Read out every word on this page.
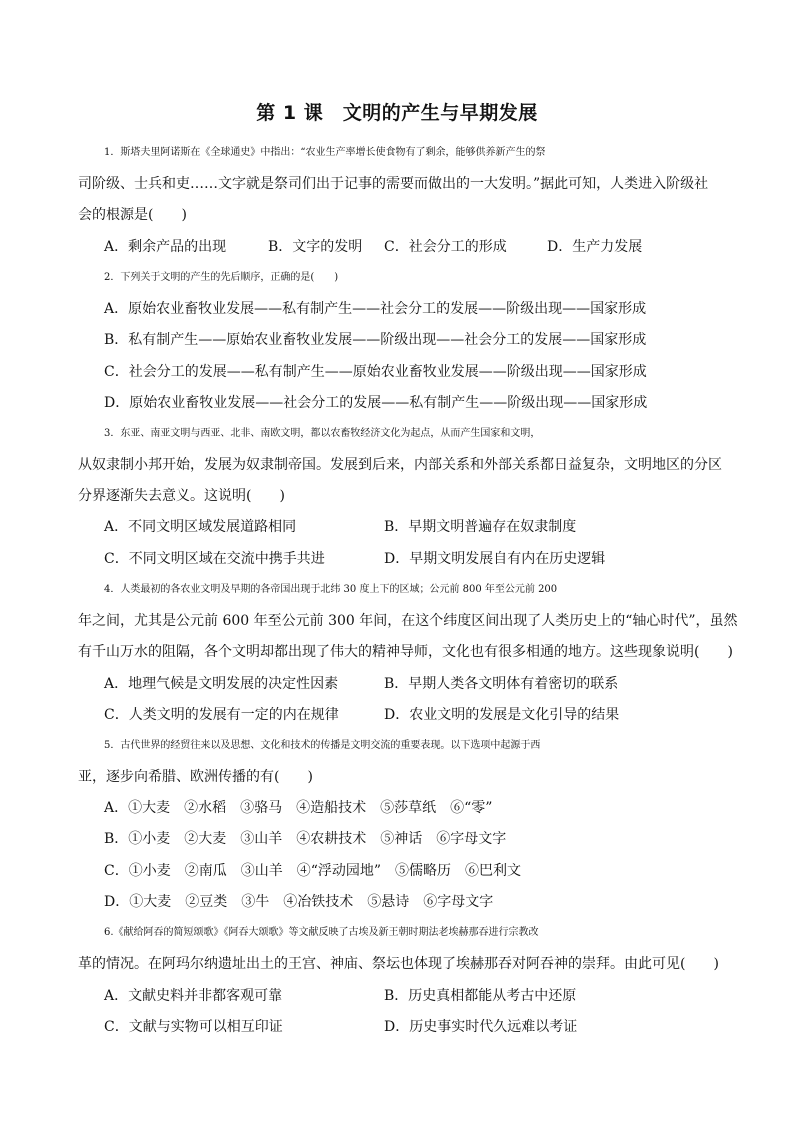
第 1 课　文明的产生与早期发展
1．斯塔夫里阿诺斯在《全球通史》中指出：“农业生产率增长使食物有了剩余，能够供养新产生的祭
司阶级、士兵和吏……文字就是祭司们出于记事的需要而做出的一大发明。”据此可知，人类进入阶级社
会的根源是(　　)
A．剩余产品的出现	B．文字的发明 C．社会分工的形成	D．生产力发展
2．下列关于文明的产生的先后顺序，正确的是(　　)
A．原始农业畜牧业发展——私有制产生——社会分工的发展——阶级出现——国家形成
B．私有制产生——原始农业畜牧业发展——阶级出现——社会分工的发展——国家形成
C．社会分工的发展——私有制产生——原始农业畜牧业发展——阶级出现——国家形成
D．原始农业畜牧业发展——社会分工的发展——私有制产生——阶级出现——国家形成
3．东亚、南亚文明与西亚、北非、南欧文明，都以农畜牧经济文化为起点，从而产生国家和文明，
从奴隶制小邦开始，发展为奴隶制帝国。发展到后来，内部关系和外部关系都日益复杂，文明地区的分区
分界逐渐失去意义。这说明(　　)
A．不同文明区域发展道路相同	B．早期文明普遍存在奴隶制度
C．不同文明区域在交流中携手共进	D．早期文明发展自有内在历史逻辑
4．人类最初的各农业文明及早期的各帝国出现于北纬 30 度上下的区域；公元前 800 年至公元前 200
年之间，尤其是公元前 600 年至公元前 300 年间，在这个纬度区间出现了人类历史上的“轴心时代”，虽然
有千山万水的阻隔，各个文明却都出现了伟大的精神导师，文化也有很多相通的地方。这些现象说明(　　)
A．地理气候是文明发展的决定性因素	B．早期人类各文明体有着密切的联系
C．人类文明的发展有一定的内在规律	D．农业文明的发展是文化引导的结果
5．古代世界的经贸往来以及思想、文化和技术的传播是文明交流的重要表现。以下选项中起源于西
亚，逐步向希腊、欧洲传播的有(　　)
A．①大麦　②水稻　③骆马　④造船技术　⑤莎草纸　⑥“零”
B．①小麦　②大麦　③山羊　④农耕技术　⑤神话　⑥字母文字
C．①小麦　②南瓜　③山羊　④“浮动园地”　⑤儒略历　⑥巴利文
D．①大麦　②豆类　③牛　④冶铁技术　⑤悬诗　⑥字母文字
6.《献给阿吞的简短颂歌》《阿吞大颂歌》等文献反映了古埃及新王朝时期法老埃赫那吞进行宗教改
革的情况。在阿玛尔纳遗址出土的王宫、神庙、祭坛也体现了埃赫那吞对阿吞神的崇拜。由此可见(　　)
A．文献史料并非都客观可靠	B．历史真相都能从考古中还原
C．文献与实物可以相互印证	D．历史事实时代久远难以考证
